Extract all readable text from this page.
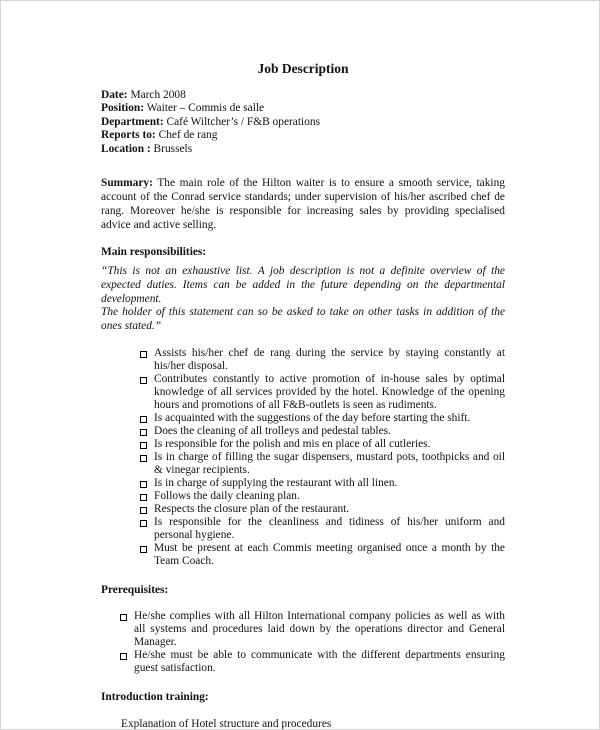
Job Description
Date: March 2008
Position: Waiter – Commis de salle
Department: Café Wiltcher’s / F&B operations
Reports to: Chef de rang
Location : Brussels

Summary: The main role of the Hilton waiter is to ensure a smooth service, taking account of the Conrad service standards; under supervision of his/her ascribed chef de rang. Moreover he/she is responsible for increasing sales by providing specialised advice and active selling.

Main responsibilities:

“This is not an exhaustive list. A job description is not a definite overview of the expected duties. Items can be added in the future depending on the departmental development.
The holder of this statement can so be asked to take on other tasks in addition of the ones stated.”
Assists his/her chef de rang during the service by staying constantly at his/her disposal.
Contributes constantly to active promotion of in-house sales by optimal knowledge of all services provided by the hotel. Knowledge of the opening hours and promotions of all F&B-outlets is seen as rudiments.
Is acquainted with the suggestions of the day before starting the shift.
Does the cleaning of all trolleys and pedestal tables.
Is responsible for the polish and mis en place of all cutleries.
Is in charge of filling the sugar dispensers, mustard pots, toothpicks and oil & vinegar recipients.
Is in charge of supplying the restaurant with all linen.
Follows the daily cleaning plan.
Respects the closure plan of the restaurant.
Is responsible for the cleanliness and tidiness of his/her uniform and personal hygiene.
Must be present at each Commis meeting organised once a month by the Team Coach.

Prerequisites:

He/she complies with all Hilton International company policies as well as with all systems and procedures laid down by the operations director and General Manager.
He/she must be able to communicate with the different departments ensuring guest satisfaction.

Introduction training:

Explanation of Hotel structure and procedures
